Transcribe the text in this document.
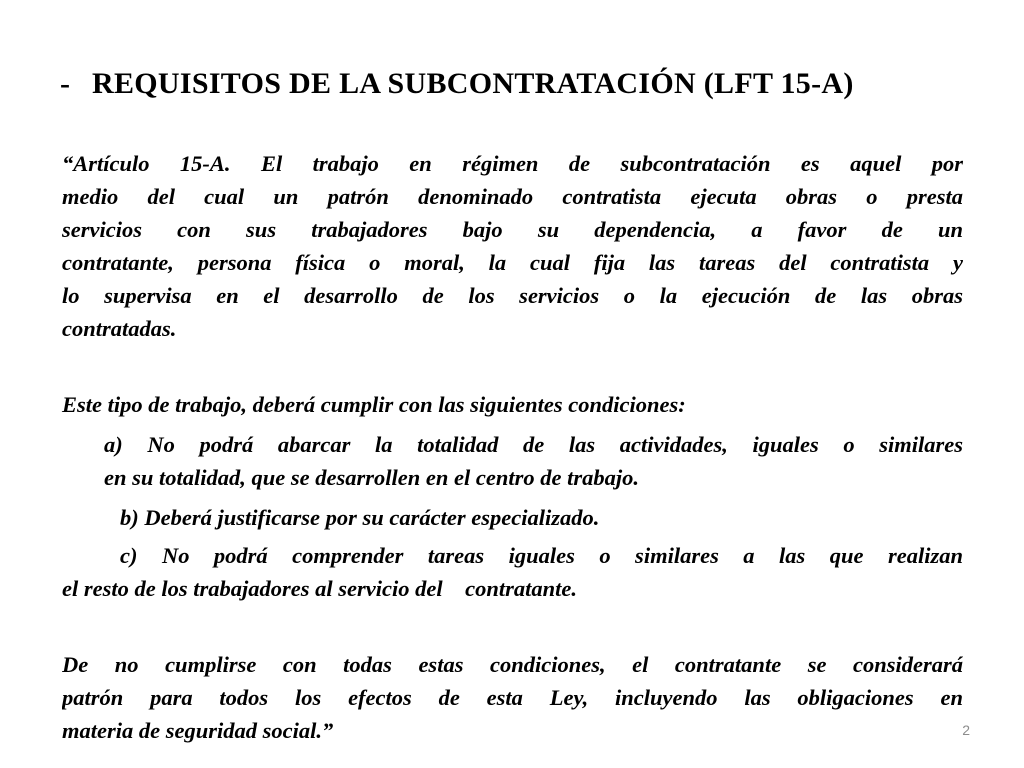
- REQUISITOS DE LA SUBCONTRATACIÓN (LFT 15-A)
“Artículo 15-A. El trabajo en régimen de subcontratación es aquel por
medio del cual un patrón denominado contratista ejecuta obras o presta
servicios con sus trabajadores bajo su dependencia, a favor de un
contratante, persona física o moral, la cual fija las tareas del contratista y
lo supervisa en el desarrollo de los servicios o la ejecución de las obras
contratadas.
Este tipo de trabajo, deberá cumplir con las siguientes condiciones:
a) No podrá abarcar la totalidad de las actividades, iguales o similares
en su totalidad, que se desarrollen en el centro de trabajo.
b) Deberá justificarse por su carácter especializado.
c) No podrá comprender tareas iguales o similares a las que realizan
el resto de los trabajadores al servicio del    contratante.
De no cumplirse con todas estas condiciones, el contratante se considerará
patrón para todos los efectos de esta Ley, incluyendo las obligaciones en
materia de seguridad social.”	2
